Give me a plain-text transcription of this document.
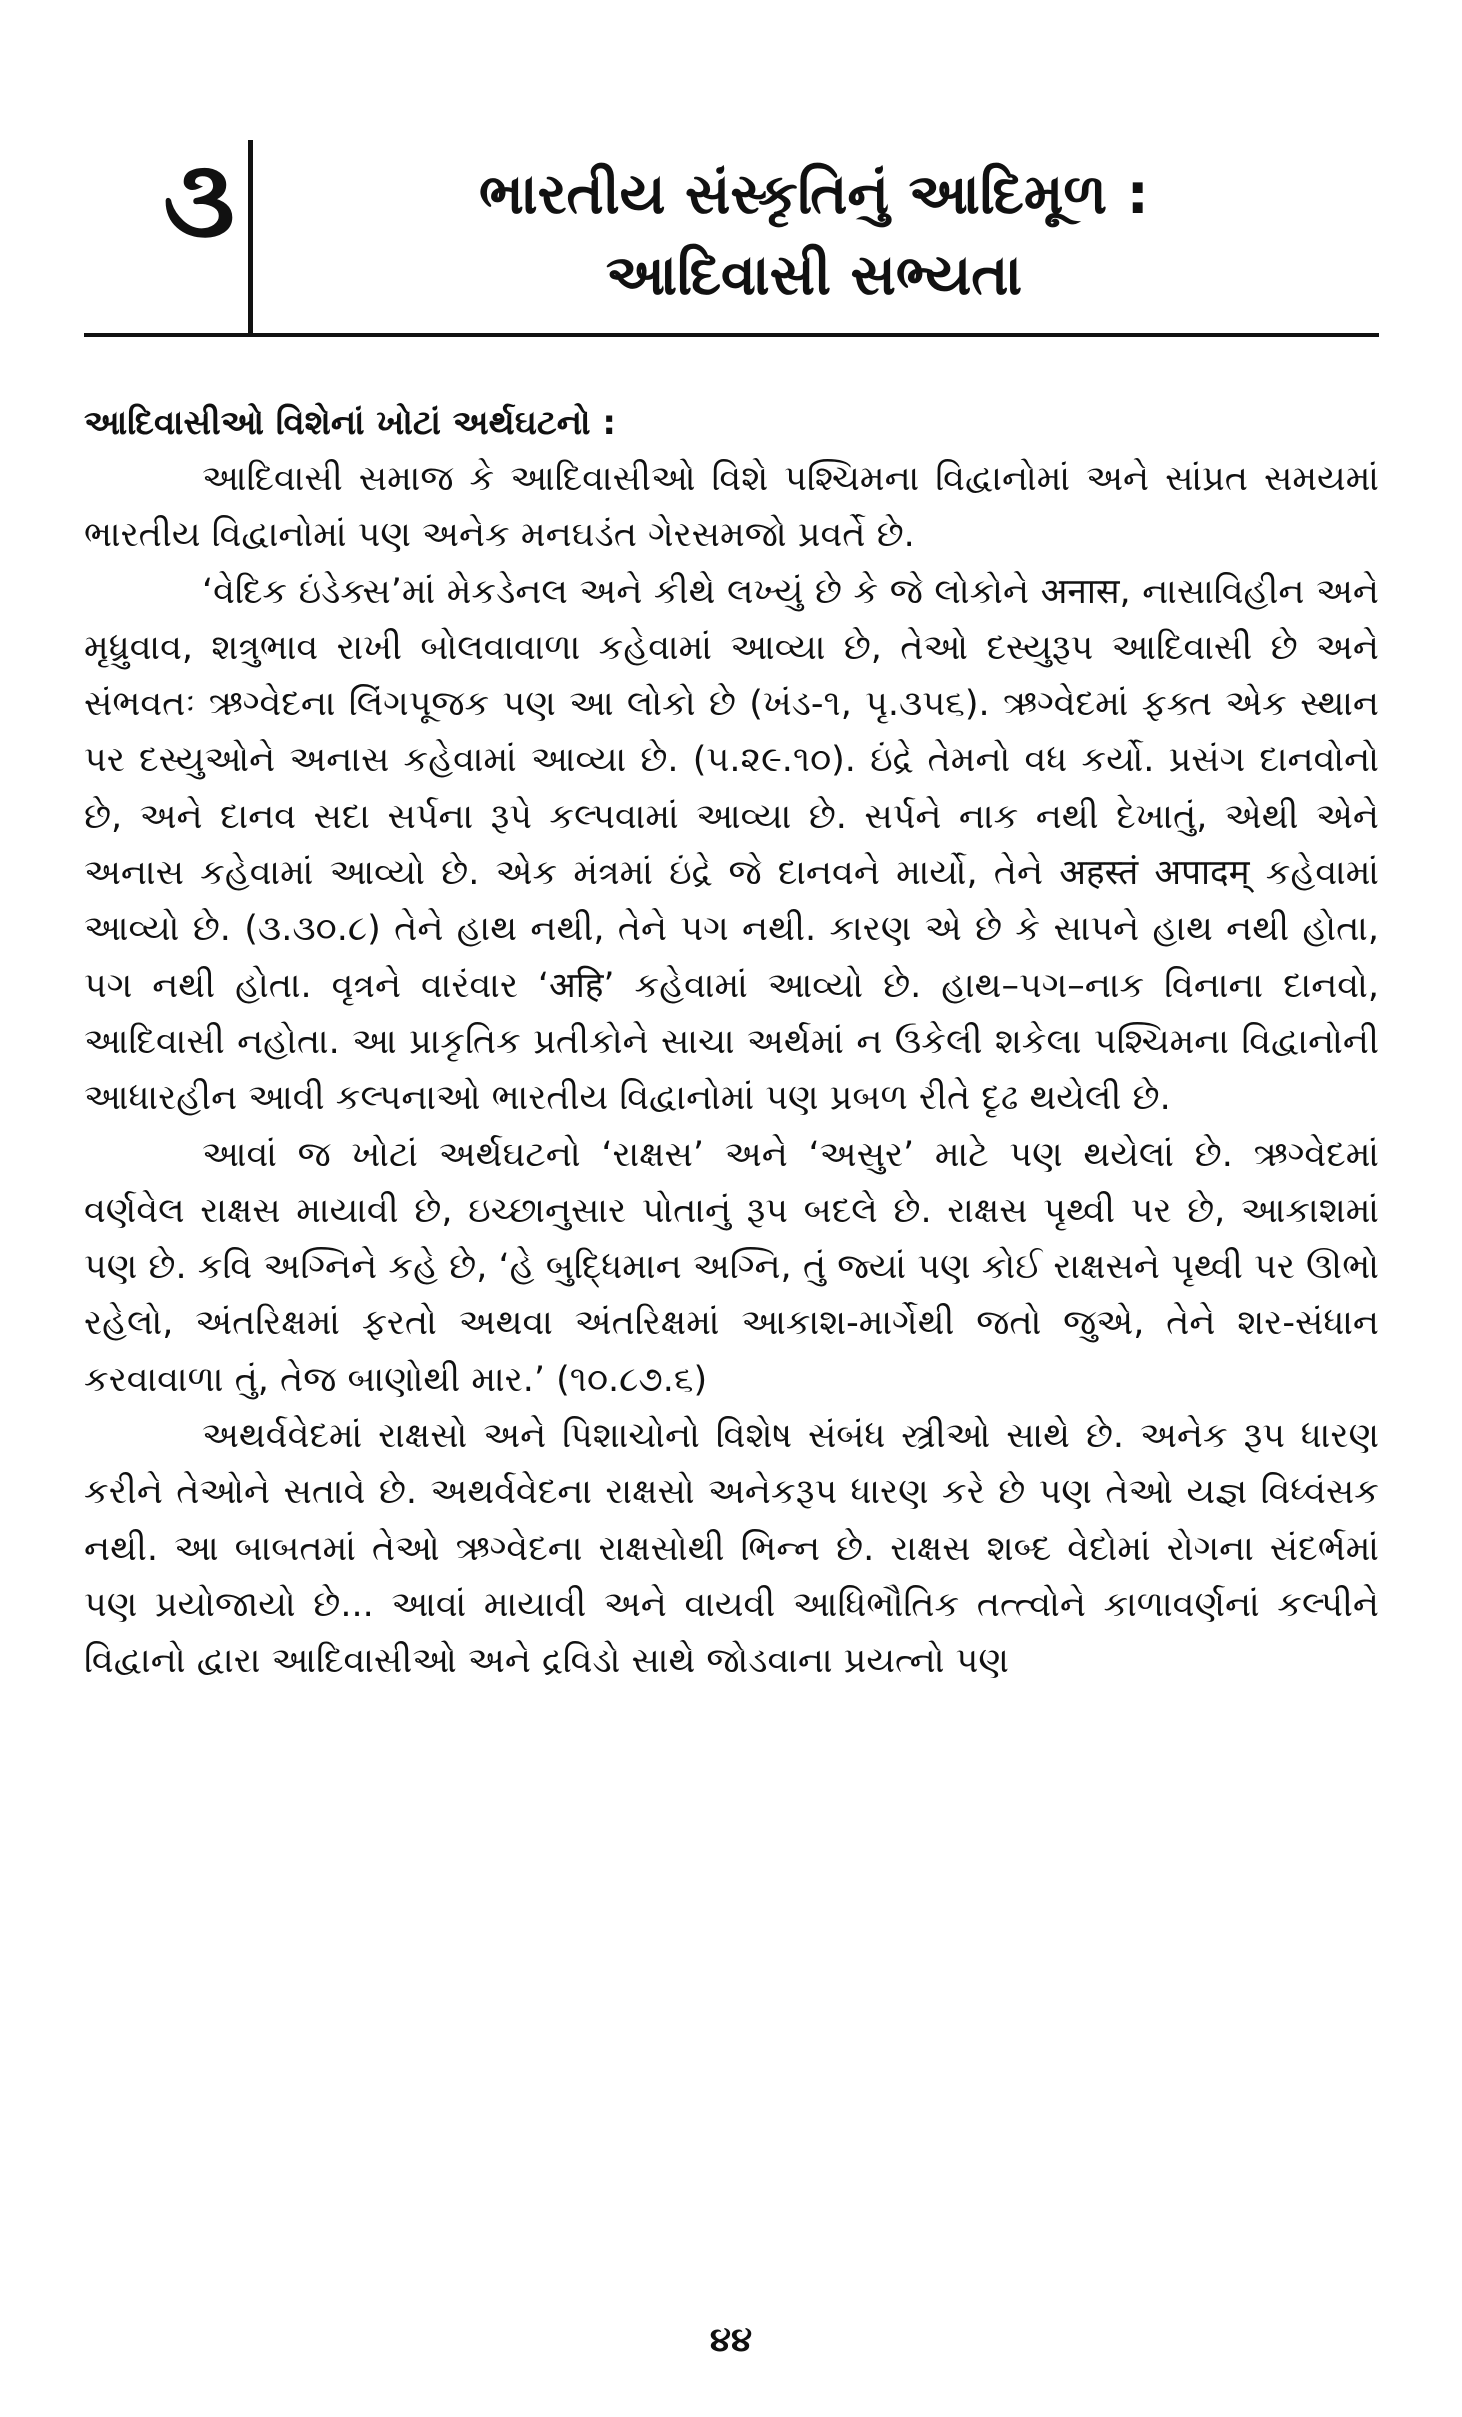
૩	ભારતીય સંસ્કૃતિનું આદિમૂળ :
આદિવાસી સભ્યતા

આદિવાસીઓ વિશેનાં ખોટાં અર્થઘટનો :

આદિવાસી સમાજ કે આદિવાસીઓ વિશે પશ્ચિમના વિદ્વાનોમાં અને સાંપ્રત સમયમાં ભારતીય વિદ્વાનોમાં પણ અનેક મનઘડંત ગેરસમજો પ્રવર્તે છે.

‘વેદિક ઇંડેક્સ’માં મેકડેનલ અને કીથે લખ્યું છે કે જે લોકોને अनास, નાસાવિહીન અને મૃધ્રુવાવ, શત્રુભાવ રાખી બોલવાવાળા કહેવામાં આવ્યા છે, તેઓ દસ્યુરૂપ આદિવાસી છે અને સંભવતઃ ઋગ્વેદના લિંગપૂજક પણ આ લોકો છે (ખંડ-૧, પૃ.૩૫૬). ઋગ્વેદમાં ફક્ત એક સ્થાન પર દસ્યુઓને અનાસ કહેવામાં આવ્યા છે. (૫.૨૯.૧૦). ઇંદ્રે તેમનો વધ કર્યો. પ્રસંગ દાનવોનો છે, અને દાનવ સદા સર્પના રૂપે કલ્પવામાં આવ્યા છે. સર્પને નાક નથી દેખાતું, એથી એને અનાસ કહેવામાં આવ્યો છે. એક મંત્રમાં ઇંદ્રે જે દાનવને માર્યો, તેને अहस्तं अपादम् કહેવામાં આવ્યો છે. (૩.૩૦.૮) તેને હાથ નથી, તેને પગ નથી. કારણ એ છે કે સાપને હાથ નથી હોતા, પગ નથી હોતા. વૃત્રને વારંવાર ‘अहि’ કહેવામાં આવ્યો છે. હાથ–પગ–નાક વિનાના દાનવો, આદિવાસી નહોતા. આ પ્રાકૃતિક પ્રતીકોને સાચા અર્થમાં ન ઉકેલી શકેલા પશ્ચિમના વિદ્વાનોની આધારહીન આવી કલ્પનાઓ ભારતીય વિદ્વાનોમાં પણ પ્રબળ રીતે દૃઢ થયેલી છે.

આવાં જ ખોટાં અર્થઘટનો ‘રાક્ષસ’ અને ‘અસુર’ માટે પણ થયેલાં છે. ઋગ્વેદમાં વર્ણવેલ રાક્ષસ માયાવી છે, ઇચ્છાનુસાર પોતાનું રૂપ બદલે છે. રાક્ષસ પૃથ્વી પર છે, આકાશમાં પણ છે. કવિ અગ્નિને કહે છે, ‘હે બુદ્ધિમાન અગ્નિ, તું જ્યાં પણ કોઈ રાક્ષસને પૃથ્વી પર ઊભો રહેલો, અંતરિક્ષમાં ફરતો અથવા અંતરિક્ષમાં આકાશ-માર્ગેથી જતો જુએ, તેને શર-સંધાન કરવાવાળા તું, તેજ બાણોથી માર.’ (૧૦.૮૭.૬)

અથર્વવેદમાં રાક્ષસો અને પિશાચોનો વિશેષ સંબંધ સ્ત્રીઓ સાથે છે. અનેક રૂપ ધારણ કરીને તેઓને સતાવે છે. અથર્વવેદના રાક્ષસો અનેકરૂપ ધારણ કરે છે પણ તેઓ યજ્ઞ વિધ્વંસક નથી. આ બાબતમાં તેઓ ઋગ્વેદના રાક્ષસોથી ભિન્ન છે. રાક્ષસ શબ્દ વેદોમાં રોગના સંદર્ભમાં પણ પ્રયોજાયો છે... આવાં માયાવી અને વાયવી આધિભૌતિક તત્ત્વોને કાળાવર્ણનાં કલ્પીને વિદ્વાનો દ્વારા આદિવાસીઓ અને દ્રવિડો સાથે જોડવાના પ્રયત્નો પણ

૪૪
